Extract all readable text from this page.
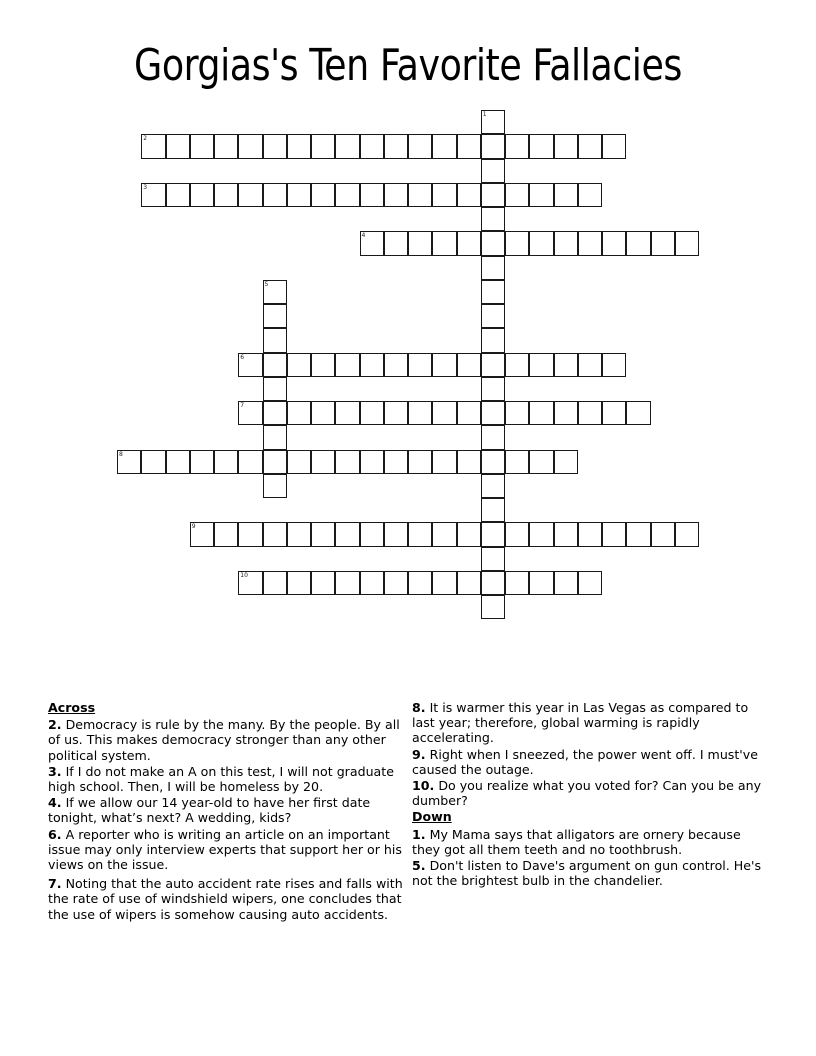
Gorgias's Ten Favorite Fallacies
1
2
3
4
5
6
7
8
9
10
Across
2. Democracy is rule by the many. By the people. By all of us. This makes democracy stronger than any other political system.
3. If I do not make an A on this test, I will not graduate high school. Then, I will be homeless by 20.
4. If we allow our 14 year-old to have her first date tonight, what’s next? A wedding, kids?
6. A reporter who is writing an article on an important issue may only interview experts that support her or his views on the issue.
7. Noting that the auto accident rate rises and falls with the rate of use of windshield wipers, one concludes that the use of wipers is somehow causing auto accidents.
8. It is warmer this year in Las Vegas as compared to last year; therefore, global warming is rapidly accelerating.
9. Right when I sneezed, the power went off. I must've caused the outage.
10. Do you realize what you voted for? Can you be any dumber?
Down
1. My Mama says that alligators are ornery because they got all them teeth and no toothbrush.
5. Don't listen to Dave's argument on gun control. He's not the brightest bulb in the chandelier.
